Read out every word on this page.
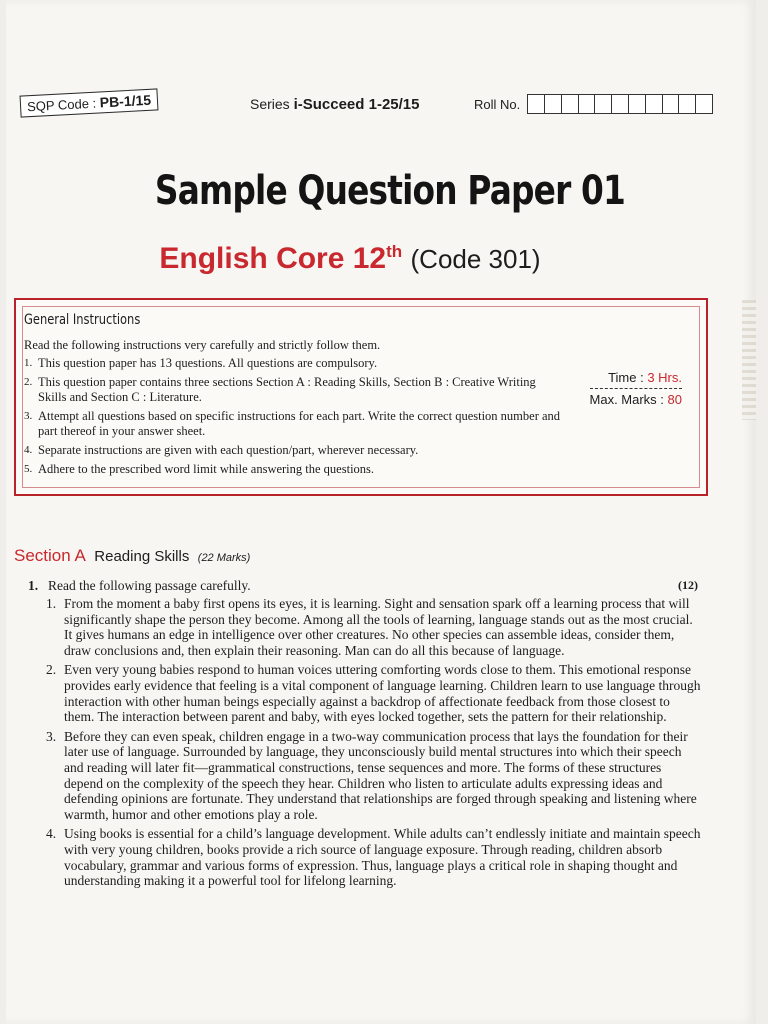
SQP Code : PB-1/15	Series i-Succeed 1-25/15	Roll No.
Sample Question Paper 01
English Core 12th (Code 301)
General Instructions
Read the following instructions very carefully and strictly follow them.
1. This question paper has 13 questions. All questions are compulsory.
2. This question paper contains three sections Section A : Reading Skills, Section B : Creative Writing Skills and Section C : Literature.
3. Attempt all questions based on specific instructions for each part. Write the correct question number and part thereof in your answer sheet.
4. Separate instructions are given with each question/part, wherever necessary.
5. Adhere to the prescribed word limit while answering the questions.
Time : 3 Hrs.
Max. Marks : 80
Section A Reading Skills (22 Marks)
1. Read the following passage carefully.	(12)
1. From the moment a baby first opens its eyes, it is learning. Sight and sensation spark off a learning process that will significantly shape the person they become. Among all the tools of learning, language stands out as the most crucial. It gives humans an edge in intelligence over other creatures. No other species can assemble ideas, consider them, draw conclusions and, then explain their reasoning. Man can do all this because of language.
2. Even very young babies respond to human voices uttering comforting words close to them. This emotional response provides early evidence that feeling is a vital component of language learning. Children learn to use language through interaction with other human beings especially against a backdrop of affectionate feedback from those closest to them. The interaction between parent and baby, with eyes locked together, sets the pattern for their relationship.
3. Before they can even speak, children engage in a two-way communication process that lays the foundation for their later use of language. Surrounded by language, they unconsciously build mental structures into which their speech and reading will later fit—grammatical constructions, tense sequences and more. The forms of these structures depend on the complexity of the speech they hear. Children who listen to articulate adults expressing ideas and defending opinions are fortunate. They understand that relationships are forged through speaking and listening where warmth, humor and other emotions play a role.
4. Using books is essential for a child’s language development. While adults can’t endlessly initiate and maintain speech with very young children, books provide a rich source of language exposure. Through reading, children absorb vocabulary, grammar and various forms of expression. Thus, language plays a critical role in shaping thought and understanding making it a powerful tool for lifelong learning.
